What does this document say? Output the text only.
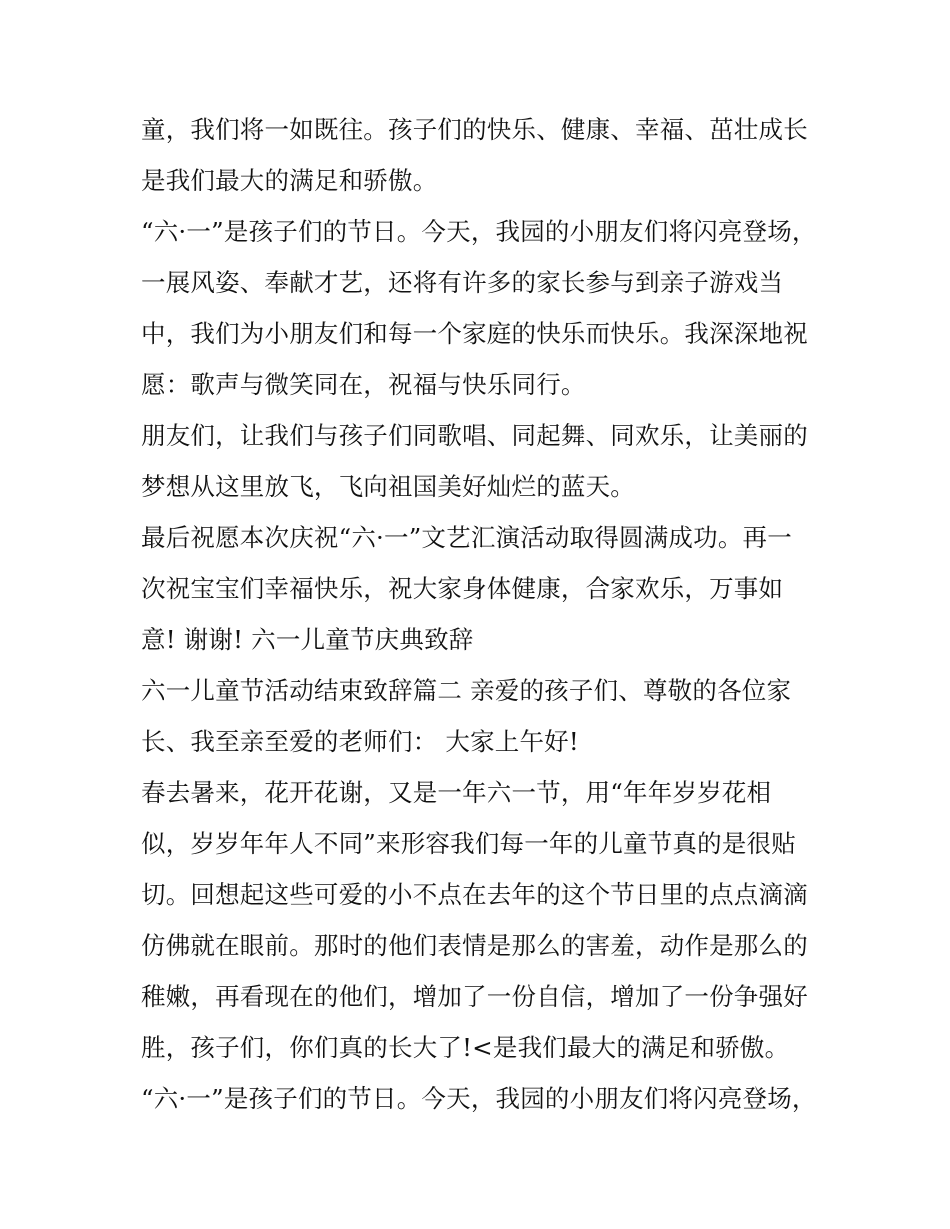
童，我们将一如既往。孩子们的快乐、健康、幸福、茁壮成长
是我们最大的满足和骄傲。
“六·一”是孩子们的节日。今天，我园的小朋友们将闪亮登场，
一展风姿、奉献才艺，还将有许多的家长参与到亲子游戏当
中，我们为小朋友们和每一个家庭的快乐而快乐。我深深地祝
愿：歌声与微笑同在，祝福与快乐同行。
朋友们，让我们与孩子们同歌唱、同起舞、同欢乐，让美丽的
梦想从这里放飞，飞向祖国美好灿烂的蓝天。
最后祝愿本次庆祝“六·一”文艺汇演活动取得圆满成功。再一
次祝宝宝们幸福快乐，祝大家身体健康，合家欢乐，万事如
意! 谢谢! 六一儿童节庆典致辞
六一儿童节活动结束致辞篇二 亲爱的孩子们、尊敬的各位家
长、我至亲至爱的老师们： 大家上午好!
春去暑来，花开花谢，又是一年六一节，用“年年岁岁花相
似，岁岁年年人不同”来形容我们每一年的儿童节真的是很贴
切。回想起这些可爱的小不点在去年的这个节日里的点点滴滴
仿佛就在眼前。那时的他们表情是那么的害羞，动作是那么的
稚嫩，再看现在的他们，增加了一份自信，增加了一份争强好
胜，孩子们，你们真的长大了!<是我们最大的满足和骄傲。
“六·一”是孩子们的节日。今天，我园的小朋友们将闪亮登场，
